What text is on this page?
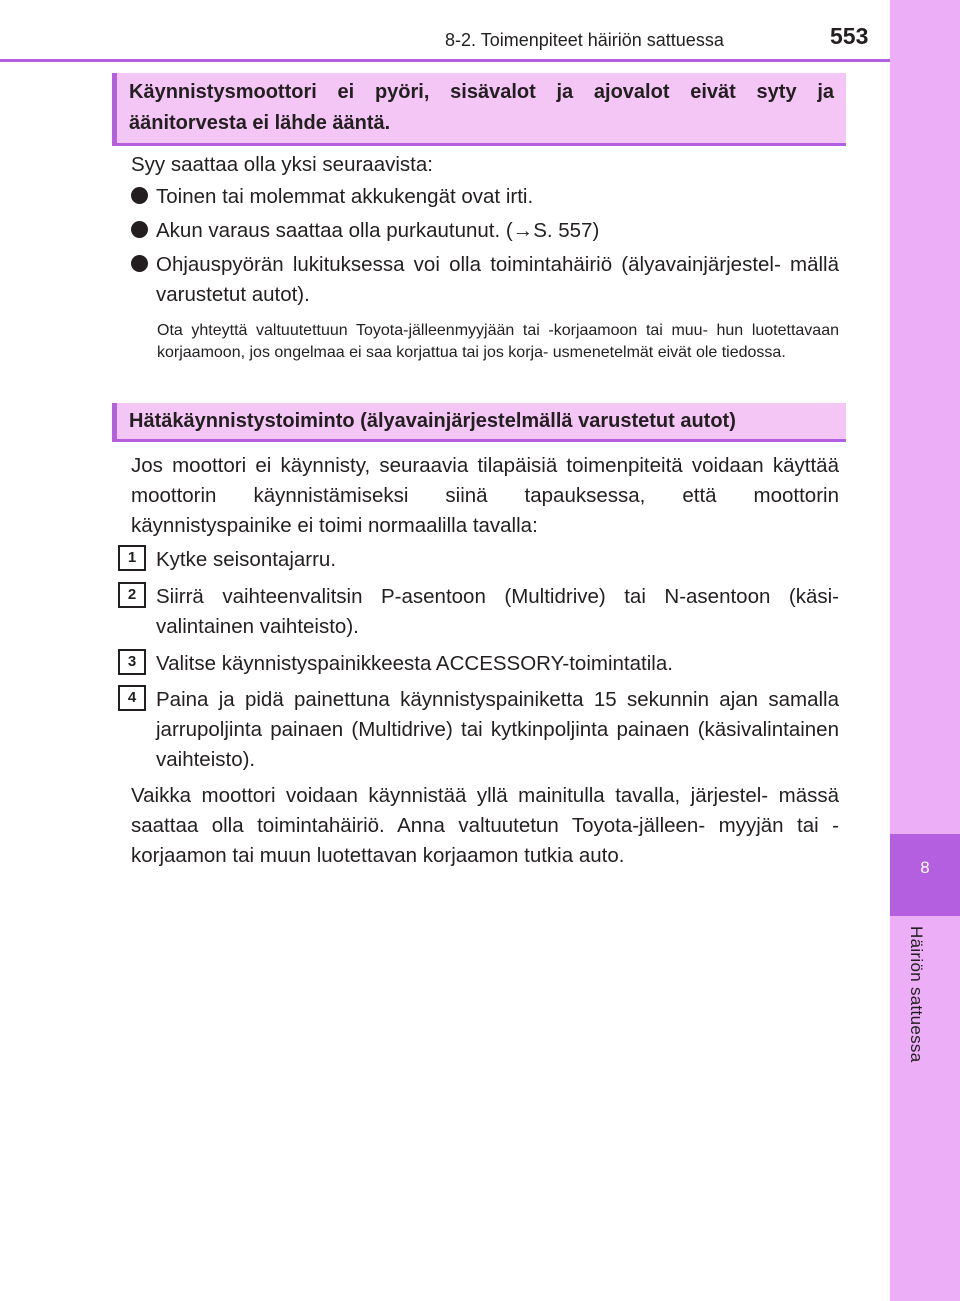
8
Häiriön sattuessa
8-2. Toimenpiteet häiriön sattuessa	553
Käynnistysmoottori ei pyöri, sisävalot ja ajovalot eivät syty ja äänitorvesta ei lähde ääntä.
Syy saattaa olla yksi seuraavista:
Toinen tai molemmat akkukengät ovat irti.
Akun varaus saattaa olla purkautunut. (→S. 557)
Ohjauspyörän lukituksessa voi olla toimintahäiriö (älyavainjärjestel- mällä varustetut autot).
Ota yhteyttä valtuutettuun Toyota-jälleenmyyjään tai -korjaamoon tai muu- hun luotettavaan korjaamoon, jos ongelmaa ei saa korjattua tai jos korja- usmenetelmät eivät ole tiedossa.
Hätäkäynnistystoiminto (älyavainjärjestelmällä varustetut autot)
Jos moottori ei käynnisty, seuraavia tilapäisiä toimenpiteitä voidaan käyttää moottorin käynnistämiseksi siinä tapauksessa, että moottorin käynnistyspainike ei toimi normaalilla tavalla:
1 Kytke seisontajarru.
2 Siirrä vaihteenvalitsin P-asentoon (Multidrive) tai N-asentoon (käsi- valintainen vaihteisto).
3 Valitse käynnistyspainikkeesta ACCESSORY-toimintatila.
4 Paina ja pidä painettuna käynnistyspainiketta 15 sekunnin ajan samalla jarrupoljinta painaen (Multidrive) tai kytkinpoljinta painaen (käsivalintainen vaihteisto).
Vaikka moottori voidaan käynnistää yllä mainitulla tavalla, järjestel- mässä saattaa olla toimintahäiriö. Anna valtuutetun Toyota-jälleen- myyjän tai -korjaamon tai muun luotettavan korjaamon tutkia auto.
